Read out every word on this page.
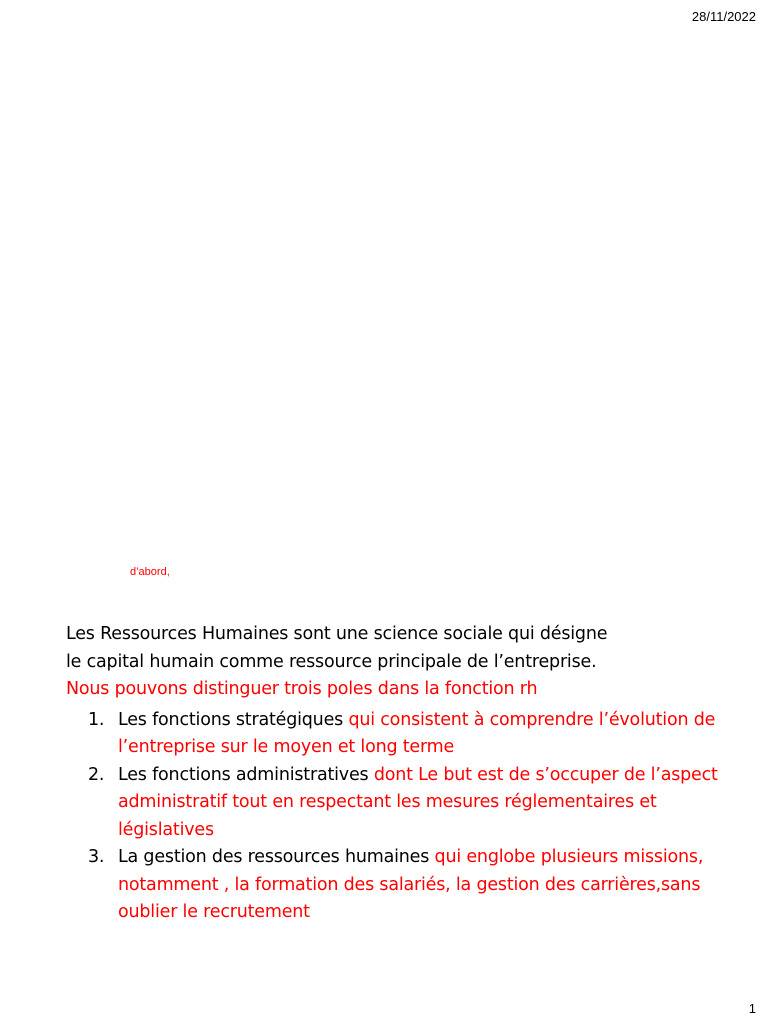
28/11/2022
d’abord,
Les Ressources Humaines sont une science sociale qui désigne
le capital humain comme ressource principale de l’entreprise.
Nous pouvons distinguer trois poles dans la fonction rh
1. Les fonctions stratégiques qui consistent à comprendre l’évolution de l’entreprise sur le moyen et long terme
2. Les fonctions administratives dont Le but est de s’occuper de l’aspect administratif tout en respectant les mesures réglementaires et législatives
3. La gestion des ressources humaines qui englobe plusieurs missions, notamment , la formation des salariés, la gestion des carrières,sans oublier le recrutement
1
